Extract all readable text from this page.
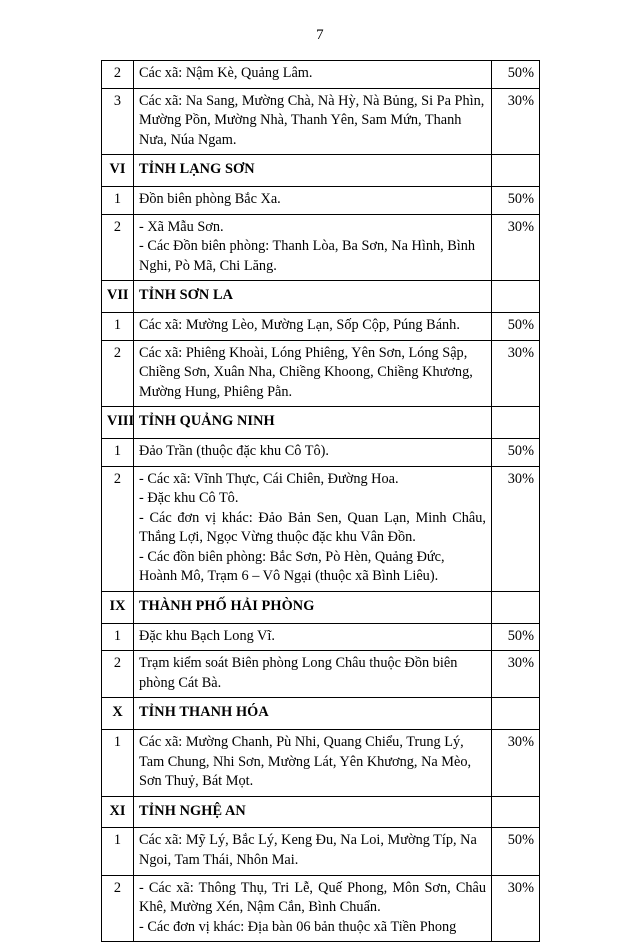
7
2	Các xã: Nậm Kè, Quảng Lâm.	50%
3	Các xã: Na Sang, Mường Chà, Nà Hỳ, Nà Bủng, Si Pa Phìn, Mường Pồn, Mường Nhà, Thanh Yên, Sam Mứn, Thanh Nưa, Núa Ngam.	30%
VI	TỈNH LẠNG SƠN	

1	Đồn biên phòng Bắc Xa.	50%
2	- Xã Mẫu Sơn.
- Các Đồn biên phòng: Thanh Lòa, Ba Sơn, Na Hình, Bình Nghi, Pò Mã, Chi Lăng.	30%
VII	TỈNH SƠN LA	

1	Các xã: Mường Lèo, Mường Lạn, Sốp Cộp, Púng Bánh.	50%
2	Các xã: Phiêng Khoài, Lóng Phiêng, Yên Sơn, Lóng Sập, Chiềng Sơn, Xuân Nha, Chiềng Khoong, Chiềng Khương, Mường Hung, Phiêng Pằn.	30%
VIII	TỈNH QUẢNG NINH	

1	Đảo Trần (thuộc đặc khu Cô Tô).	50%
2	- Các xã: Vĩnh Thực, Cái Chiên, Đường Hoa.
- Đặc khu Cô Tô.
- Các đơn vị khác: Đảo Bản Sen, Quan Lạn, Minh Châu, Thắng Lợi, Ngọc Vừng thuộc đặc khu Vân Đồn.
- Các đồn biên phòng: Bắc Sơn, Pò Hèn, Quảng Đức, Hoành Mô, Trạm 6 – Vô Ngại (thuộc xã Bình Liêu).	30%
IX	THÀNH PHỐ HẢI PHÒNG	

1	Đặc khu Bạch Long Vĩ.	50%
2	Trạm kiểm soát Biên phòng Long Châu thuộc Đồn biên phòng Cát Bà.	30%
X	TỈNH THANH HÓA	

1	Các xã: Mường Chanh, Pù Nhi, Quang Chiểu, Trung Lý, Tam Chung, Nhi Sơn, Mường Lát, Yên Khương, Na Mèo, Sơn Thuỷ, Bát Mọt.	30%
XI	TỈNH NGHỆ AN	

1	Các xã: Mỹ Lý, Bắc Lý, Keng Đu, Na Loi, Mường Típ, Na Ngoi, Tam Thái, Nhôn Mai.	50%
2	- Các xã: Thông Thụ, Tri Lễ, Quế Phong, Môn Sơn, Châu Khê, Mường Xén, Nậm Cắn, Bình Chuẩn.
- Các đơn vị khác: Địa bàn 06 bản thuộc xã Tiền Phong	30%
